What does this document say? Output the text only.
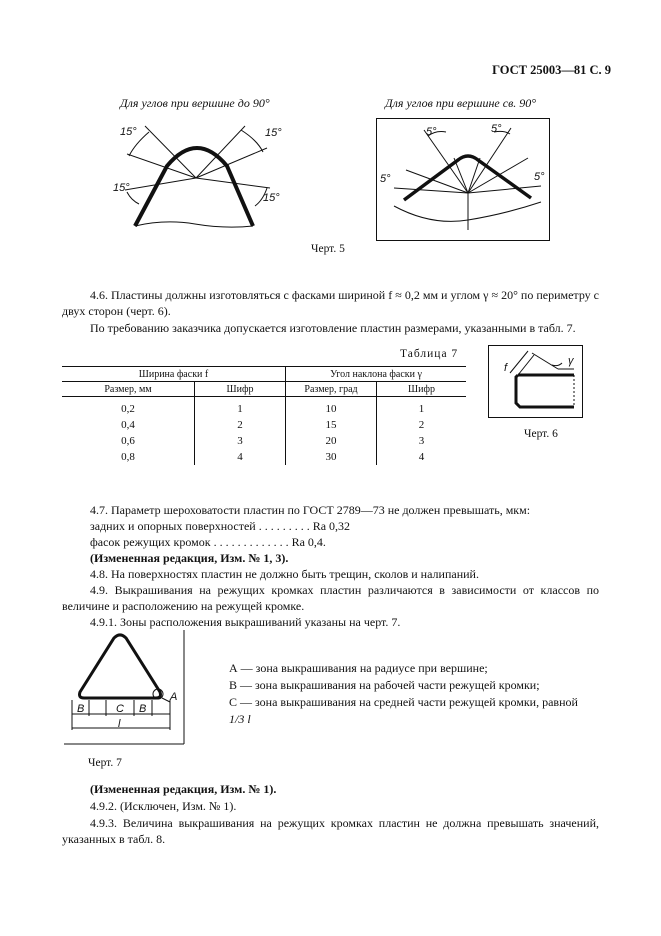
ГОСТ 25003—81 С. 9
Для углов при вершине до 90°	Для углов при вершине св. 90°
15°	15°
15°
15°
5°	5°
5°	5°
Черт. 5
4.6. Пластины должны изготовляться с фасками шириной f ≈ 0,2 мм и углом γ ≈ 20° по периметру с двух сторон (черт. 6).
По требованию заказчика допускается изготовление пластин размерами, указанными в табл. 7.
Таблица 7
Ширина фаски f		Угол наклона фаски γ	
Размер, мм	Шифр	Размер, град	Шифр
0,2	1	10	1
0,4	2	15	2
0,6	3	20	3
0,8	4	30	4
f
γ
Черт. 6
4.7. Параметр шероховатости пластин по ГОСТ 2789—73 не должен превышать, мкм:
задних и опорных поверхностей . . . . . . . . . Ra 0,32
фасок режущих кромок . . . . . . . . . . . . . Ra 0,4.
(Измененная редакция, Изм. № 1, 3).
4.8. На поверхностях пластин не должно быть трещин, сколов и налипаний.
4.9. Выкрашивания на режущих кромках пластин различаются в зависимости от классов по величине и расположению на режущей кромке.
4.9.1. Зоны расположения выкрашиваний указаны на черт. 7.
B	C B
A
l
Черт. 7
А — зона выкрашивания на радиусе при вершине;
В — зона выкрашивания на рабочей части режущей кромки;
С — зона выкрашивания на средней части режущей кромки, равной
1/3 l
(Измененная редакция, Изм. № 1).
4.9.2. (Исключен, Изм. № 1).
4.9.3. Величина выкрашивания на режущих кромках пластин не должна превышать значений, указанных в табл. 8.
